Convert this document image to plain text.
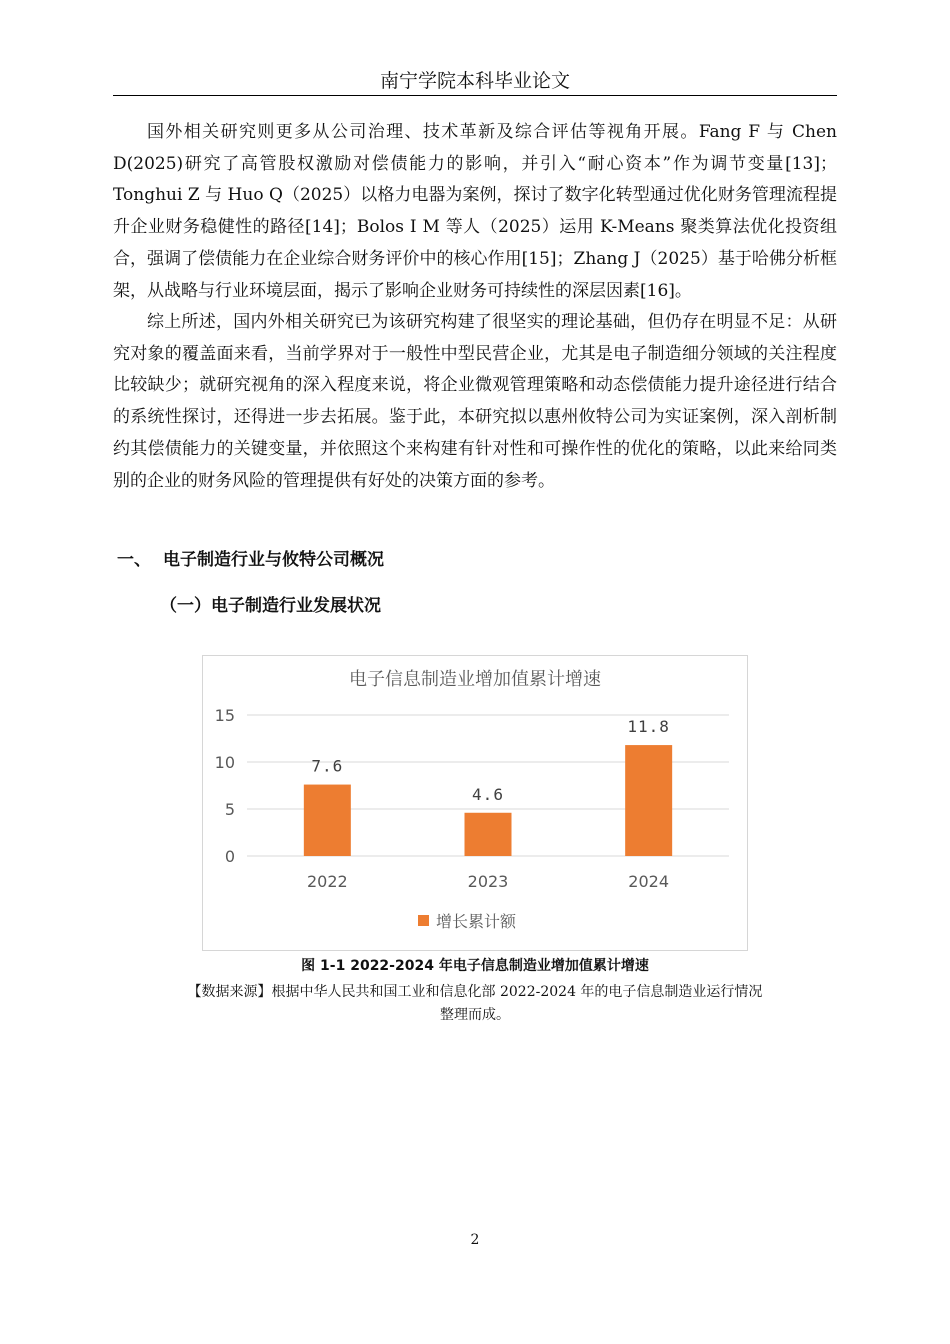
南宁学院本科毕业论文
国外相关研究则更多从公司治理、技术革新及综合评估等视角开展。Fang F 与 Chen D(2025)研究了高管股权激励对偿债能力的影响，并引入“耐心资本”作为调节变量[13]；Tonghui Z 与 Huo Q（2025）以格力电器为案例，探讨了数字化转型通过优化财务管理流程提升企业财务稳健性的路径[14]；Bolos I M 等人（2025）运用 K-Means 聚类算法优化投资组合，强调了偿债能力在企业综合财务评价中的核心作用[15]；Zhang J（2025）基于哈佛分析框架，从战略与行业环境层面，揭示了影响企业财务可持续性的深层因素[16]。
综上所述，国内外相关研究已为该研究构建了很坚实的理论基础，但仍存在明显不足：从研究对象的覆盖面来看，当前学界对于一般性中型民营企业，尤其是电子制造细分领域的关注程度比较缺少；就研究视角的深入程度来说，将企业微观管理策略和动态偿债能力提升途径进行结合的系统性探讨，还得进一步去拓展。鉴于此，本研究拟以惠州攸特公司为实证案例，深入剖析制约其偿债能力的关键变量，并依照这个来构建有针对性和可操作性的优化的策略，以此来给同类别的企业的财务风险的管理提供有好处的决策方面的参考。
一、 电子制造行业与攸特公司概况
（一）电子制造行业发展状况
电子信息制造业增加值累计增速
0
5
10
15
7.6
2022
4.6
2023
11.8
2024
增长累计额
图 1-1 2022-2024 年电子信息制造业增加值累计增速
【数据来源】根据中华人民共和国工业和信息化部 2022-2024 年的电子信息制造业运行情况
整理而成。
2
